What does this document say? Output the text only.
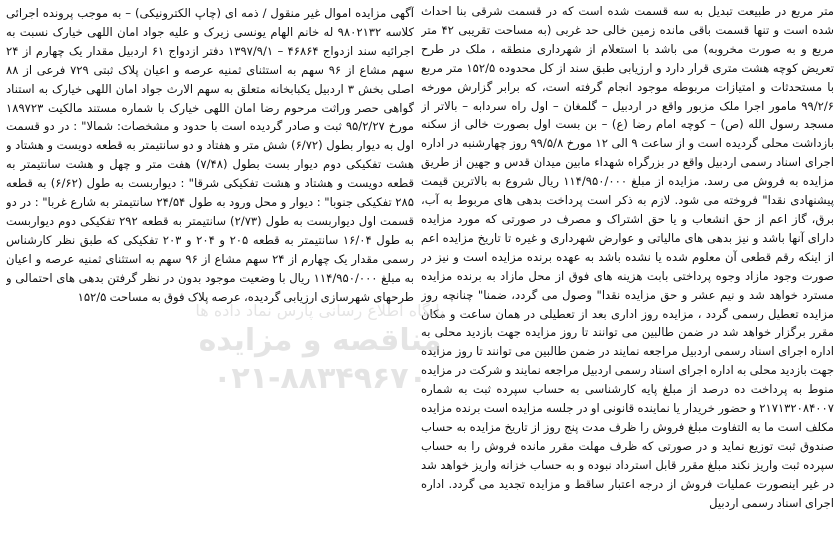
متر مربع در طبیعت تبدیل به سه قسمت شده است که در قسمت شرقی بنا احداث شده است و تنها قسمت باقی مانده زمین خالی حد غربی (به مساحت تقریبی ۴۲ متر مربع و به صورت مخروبه) می باشد با استعلام از شهرداری منطقه ، ملک در طرح تعریض کوچه هشت متری قرار دارد و ارزیابی طبق سند از کل محدوده ۱۵۲/۵ متر مربع با مستحدثات و امتیازات مربوطه موجود انجام گرفته است، که برابر گزارش مورخه ۹۹/۲/۶ مامور اجرا ملک مزبور واقع در اردبیل – گلمغان – اول راه سردابه – بالاتر از مسجد رسول الله (ص) – کوچه امام رضا (ع) – بن بست اول بصورت خالی از سکنه بازداشت محلی گردیده است و از ساعت ۹ الی ۱۲ مورخ ۹۹/۵/۸ روز چهارشنبه در اداره اجرای اسناد رسمی اردبیل واقع در بزرگراه شهداء مابین میدان قدس و جهین از طریق مزایده به فروش می رسد. مزایده از مبلغ ۱۱۴/۹۵۰/۰۰۰ ریال شروع به بالاترین قیمت پیشنهادی نقدا" فروخته می شود. لازم به ذکر است پرداخت بدهی های مربوط به آب، برق، گاز اعم از حق انشعاب و یا حق اشتراک و مصرف در صورتی که مورد مزایده دارای آنها باشد و نیز بدهی های مالیاتی و عوارض شهرداری و غیره تا تاریخ مزایده اعم از اینکه رقم قطعی آن معلوم شده یا نشده باشد به عهده برنده مزایده است و نیز در صورت وجود مازاد وجوه پرداختی بابت هزینه های فوق از محل مازاد به برنده مزایده مسترد خواهد شد و نیم عشر و حق مزایده نقدا" وصول می گردد، ضمنا" چنانچه روز مزایده تعطیل رسمی گردد ، مزایده روز اداری بعد از تعطیلی در همان ساعت و مکان مقرر برگزار خواهد شد در ضمن طالبین می توانند تا روز مزایده جهت بازدید محلی به اداره اجرای اسناد رسمی اردبیل مراجعه نمایند در ضمن طالبین می توانند تا روز مزایده جهت بازدید محلی به اداره اجرای اسناد رسمی اردبیل مراجعه نمایند و شرکت در مزایده منوط به پرداخت ده درصد از مبلغ پایه کارشناسی به حساب سپرده ثبت به شماره ۲۱۷۱۳۲۰۸۴۰۰۷ و حضور خریدار یا نماینده قانونی او در جلسه مزایده است برنده مزایده مکلف است ما به التفاوت مبلغ فروش را ظرف مدت پنج روز از تاریخ مزایده به حساب صندوق ثبت توزیع نماید و در صورتی که ظرف مهلت مقرر مانده فروش را به حساب سپرده ثبت واریز نکند مبلغ مقرر قابل استرداد نبوده و به حساب خزانه واریز خواهد شد در غیر اینصورت عملیات فروش از درجه اعتبار ساقط و مزایده تجدید می گردد. اداره اجرای اسناد رسمی اردبیل
آگهی مزایده اموال غیر منقول / ذمه ای (چاپ الکترونیکی) – به موجب پرونده اجرائی کلاسه ۹۸۰۲۱۳۲ له خانم الهام یونسی زیرک و علیه جواد امان اللهی خیارک نسبت به اجرائیه سند ازدواج ۴۶۸۶۴ – ۱۳۹۷/۹/۱ دفتر ازدواج ۶۱ اردبیل مقدار یک چهارم از ۲۴ سهم مشاع از ۹۶ سهم به استثنای ثمنیه عرصه و اعیان پلاک ثبتی ۷۲۹ فرعی از ۸۸ اصلی بخش ۳ اردبیل یکبابخانه متعلق به سهم الارث جواد امان اللهی خیارک به استناد گواهی حصر وراثت مرحوم رضا امان اللهی خیارک با شماره مستند مالکیت ۱۸۹۷۲۳ مورخ ۹۵/۲/۲۷ ثبت و صادر گردیده است با حدود و مشخصات: شمالا" : در دو قسمت اول به دیوار بطول (۶/۷۲) شش متر و هفتاد و دو سانتیمتر به قطعه دویست و هشتاد و هشت تفکیکی دوم دیوار بست بطول (۷/۴۸) هفت متر و چهل و هشت سانتیمتر به قطعه دویست و هشتاد و هشت تفکیکی شرقا" : دیواربست به طول (۶/۶۲) به قطعه ۲۸۵ تفکیکی جنوبا" : دیوار و محل ورود به طول ۲۴/۵۴ سانتیمتر به شارع غربا" : در دو قسمت اول دیواربست به طول (۲/۷۳) سانتیمتر به قطعه ۲۹۲ تفکیکی دوم دیواربست به طول ۱۶/۰۴ سانتیمتر به قطعه ۲۰۵ و ۲۰۴ و ۲۰۳ تفکیکی که طبق نظر کارشناس رسمی مقدار یک چهارم از ۲۴ سهم مشاع از ۹۶ سهم به استثنای ثمنیه عرصه و اعیان به مبلغ ۱۱۴/۹۵۰/۰۰۰ ریال با وضعیت موجود بدون در نظر گرفتن بدهی های احتمالی و طرحهای شهرسازی ارزیابی گردیده، عرصه پلاک فوق به مساحت ۱۵۲/۵
پایگاه اطلاع رسانی پارس نماد داده ها
مناقصه و مزایده
۰۲۱-۸۸۳۴۹۶۷۰
